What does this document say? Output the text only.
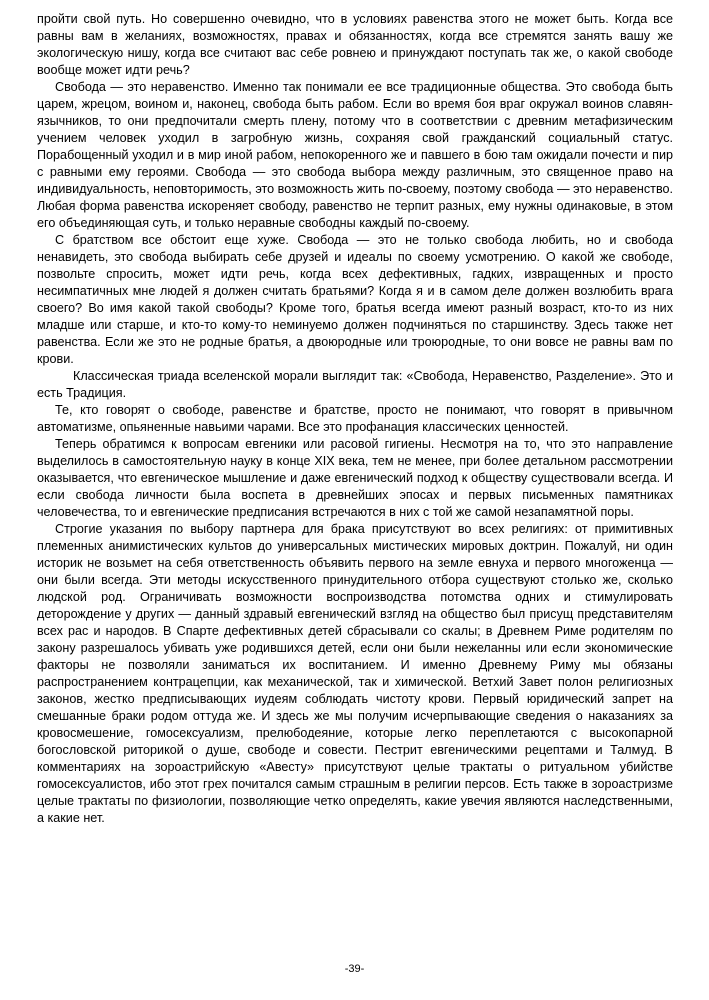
пройти свой путь. Но совершенно очевидно, что в условиях равенства этого не может быть. Когда все равны вам в желаниях, возможностях, правах и обязанностях, когда все стремятся занять вашу же экологическую нишу, когда все считают вас себе ровнею и принуждают поступать так же, о какой свободе вообще может идти речь?

Свобода — это неравенство. Именно так понимали ее все традиционные общества. Это свобода быть царем, жрецом, воином и, наконец, свобода быть рабом. Если во время боя враг окружал воинов славян-язычников, то они предпочитали смерть плену, потому что в соответствии с древним метафизическим учением человек уходил в загробную жизнь, сохраняя свой гражданский социальный статус. Порабощенный уходил и в мир иной рабом, непокоренного же и павшего в бою там ожидали почести и пир с равными ему героями. Свобода — это свобода выбора между различным, это священное право на индивидуальность, неповторимость, это возможность жить по-своему, поэтому свобода — это неравенство. Любая форма равенства искореняет свободу, равенство не терпит разных, ему нужны одинаковые, в этом его объединяющая суть, и только неравные свободны каждый по-своему.

С братством все обстоит еще хуже. Свобода — это не только свобода любить, но и свобода ненавидеть, это свобода выбирать себе друзей и идеалы по своему усмотрению. О какой же свободе, позвольте спросить, может идти речь, когда всех дефективных, гадких, извращенных и просто несимпатичных мне людей я должен считать братьями? Когда я и в самом деле должен возлюбить врага своего? Во имя какой такой свободы? Кроме того, братья всегда имеют разный возраст, кто-то из них младше или старше, и кто-то кому-то неминуемо должен подчиняться по старшинству. Здесь также нет равенства. Если же это не родные братья, а двоюродные или троюродные, то они вовсе не равны вам по крови.

Классическая триада вселенской морали выглядит так: «Свобода, Неравенство, Разделение». Это и есть Традиция.

Те, кто говорят о свободе, равенстве и братстве, просто не понимают, что говорят в привычном автоматизме, опьяненные навьими чарами. Все это профанация классических ценностей.

Теперь обратимся к вопросам евгеники или расовой гигиены. Несмотря на то, что это направление выделилось в самостоятельную науку в конце XIX века, тем не менее, при более детальном рассмотрении оказывается, что евгеническое мышление и даже евгенический подход к обществу существовали всегда. И если свобода личности была воспета в древнейших эпосах и первых письменных памятниках человечества, то и евгенические предписания встречаются в них с той же самой незапамятной поры.

Строгие указания по выбору партнера для брака присутствуют во всех религиях: от примитивных племенных анимистических культов до универсальных мистических мировых доктрин. Пожалуй, ни один историк не возьмет на себя ответственность объявить первого на земле евнуха и первого многоженца — они были всегда. Эти методы искусственного принудительного отбора существуют столько же, сколько людской род. Ограничивать возможности воспроизводства потомства одних и стимулировать деторождение у других — данный здравый евгенический взгляд на общество был присущ представителям всех рас и народов. В Спарте дефективных детей сбрасывали со скалы; в Древнем Риме родителям по закону разрешалось убивать уже родившихся детей, если они были нежеланны или если экономические факторы не позволяли заниматься их воспитанием. И именно Древнему Риму мы обязаны распространением контрацепции, как механической, так и химической. Ветхий Завет полон религиозных законов, жестко предписывающих иудеям соблюдать чистоту крови. Первый юридический запрет на смешанные браки родом оттуда же. И здесь же мы получим исчерпывающие сведения о наказаниях за кровосмешение, гомосексуализм, прелюбодеяние, которые легко переплетаются с высокопарной богословской риторикой о душе, свободе и совести. Пестрит евгеническими рецептами и Талмуд. В комментариях на зороастрийскую «Авесту» присутствуют целые трактаты о ритуальном убийстве гомосексуалистов, ибо этот грех почитался самым страшным в религии персов. Есть также в зороастризме целые трактаты по физиологии, позволяющие четко определять, какие увечия являются наследственными, а какие нет.

-39-
